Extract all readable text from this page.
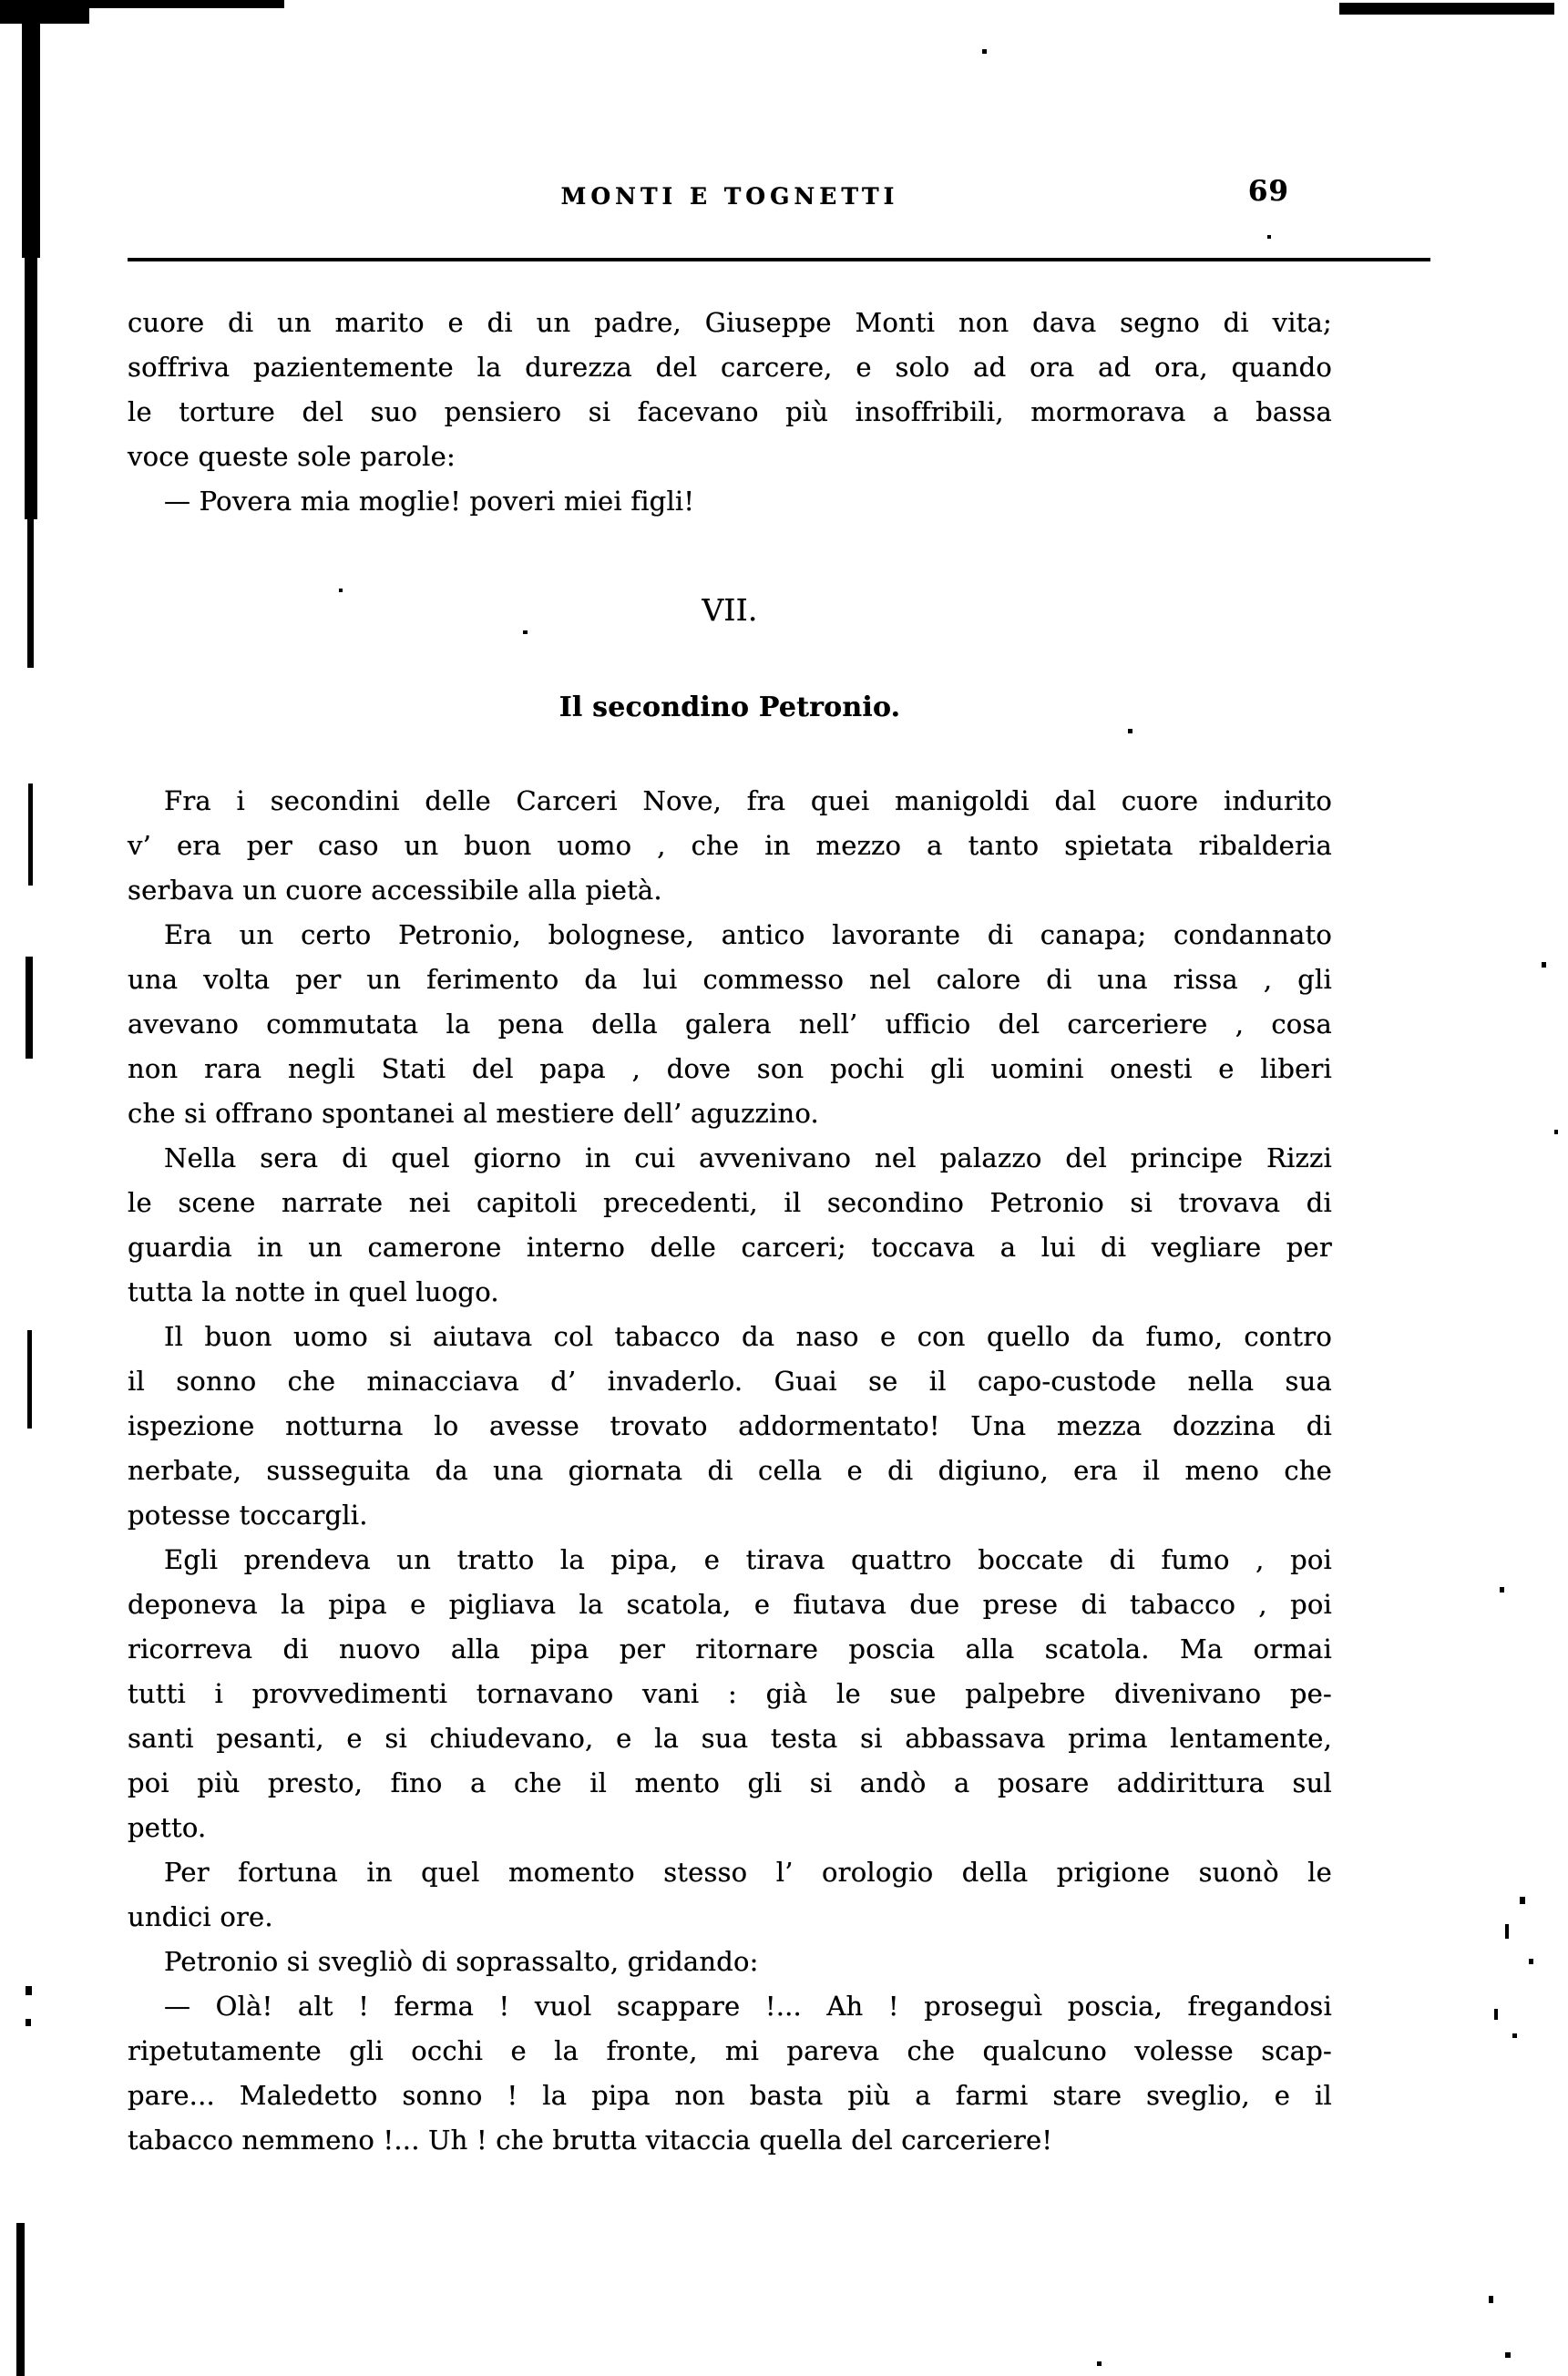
MONTI E TOGNETTI	69
cuore di un marito e di un padre, Giuseppe Monti non dava segno di vita;
soffriva pazientemente la durezza del carcere, e solo ad ora ad ora, quando
le torture del suo pensiero si facevano più insoffribili, mormorava a bassa
voce queste sole parole:
— Povera mia moglie! poveri miei figli!
VII.
Il secondino Petronio.
Fra i secondini delle Carceri Nove, fra quei manigoldi dal cuore indurito
v’ era per caso un buon uomo , che in mezzo a tanto spietata ribalderia
serbava un cuore accessibile alla pietà.
Era un certo Petronio, bolognese, antico lavorante di canapa; condannato
una volta per un ferimento da lui commesso nel calore di una rissa , gli
avevano commutata la pena della galera nell’ ufficio del carceriere , cosa
non rara negli Stati del papa , dove son pochi gli uomini onesti e liberi
che si offrano spontanei al mestiere dell’ aguzzino.
Nella sera di quel giorno in cui avvenivano nel palazzo del principe Rizzi
le scene narrate nei capitoli precedenti, il secondino Petronio si trovava di
guardia in un camerone interno delle carceri; toccava a lui di vegliare per
tutta la notte in quel luogo.
Il buon uomo si aiutava col tabacco da naso e con quello da fumo, contro
il sonno che minacciava d’ invaderlo. Guai se il capo-custode nella sua
ispezione notturna lo avesse trovato addormentato! Una mezza dozzina di
nerbate, susseguita da una giornata di cella e di digiuno, era il meno che
potesse toccargli.
Egli prendeva un tratto la pipa, e tirava quattro boccate di fumo , poi
deponeva la pipa e pigliava la scatola, e fiutava due prese di tabacco , poi
ricorreva di nuovo alla pipa per ritornare poscia alla scatola. Ma ormai
tutti i provvedimenti tornavano vani : già le sue palpebre divenivano pe-
santi pesanti, e si chiudevano, e la sua testa si abbassava prima lentamente,
poi più presto, fino a che il mento gli si andò a posare addirittura sul
petto.
Per fortuna in quel momento stesso l’ orologio della prigione suonò le
undici ore.
Petronio si svegliò di soprassalto, gridando:
— Olà! alt ! ferma ! vuol scappare !... Ah ! proseguì poscia, fregandosi
ripetutamente gli occhi e la fronte, mi pareva che qualcuno volesse scap-
pare... Maledetto sonno ! la pipa non basta più a farmi stare sveglio, e il
tabacco nemmeno !... Uh ! che brutta vitaccia quella del carceriere!
